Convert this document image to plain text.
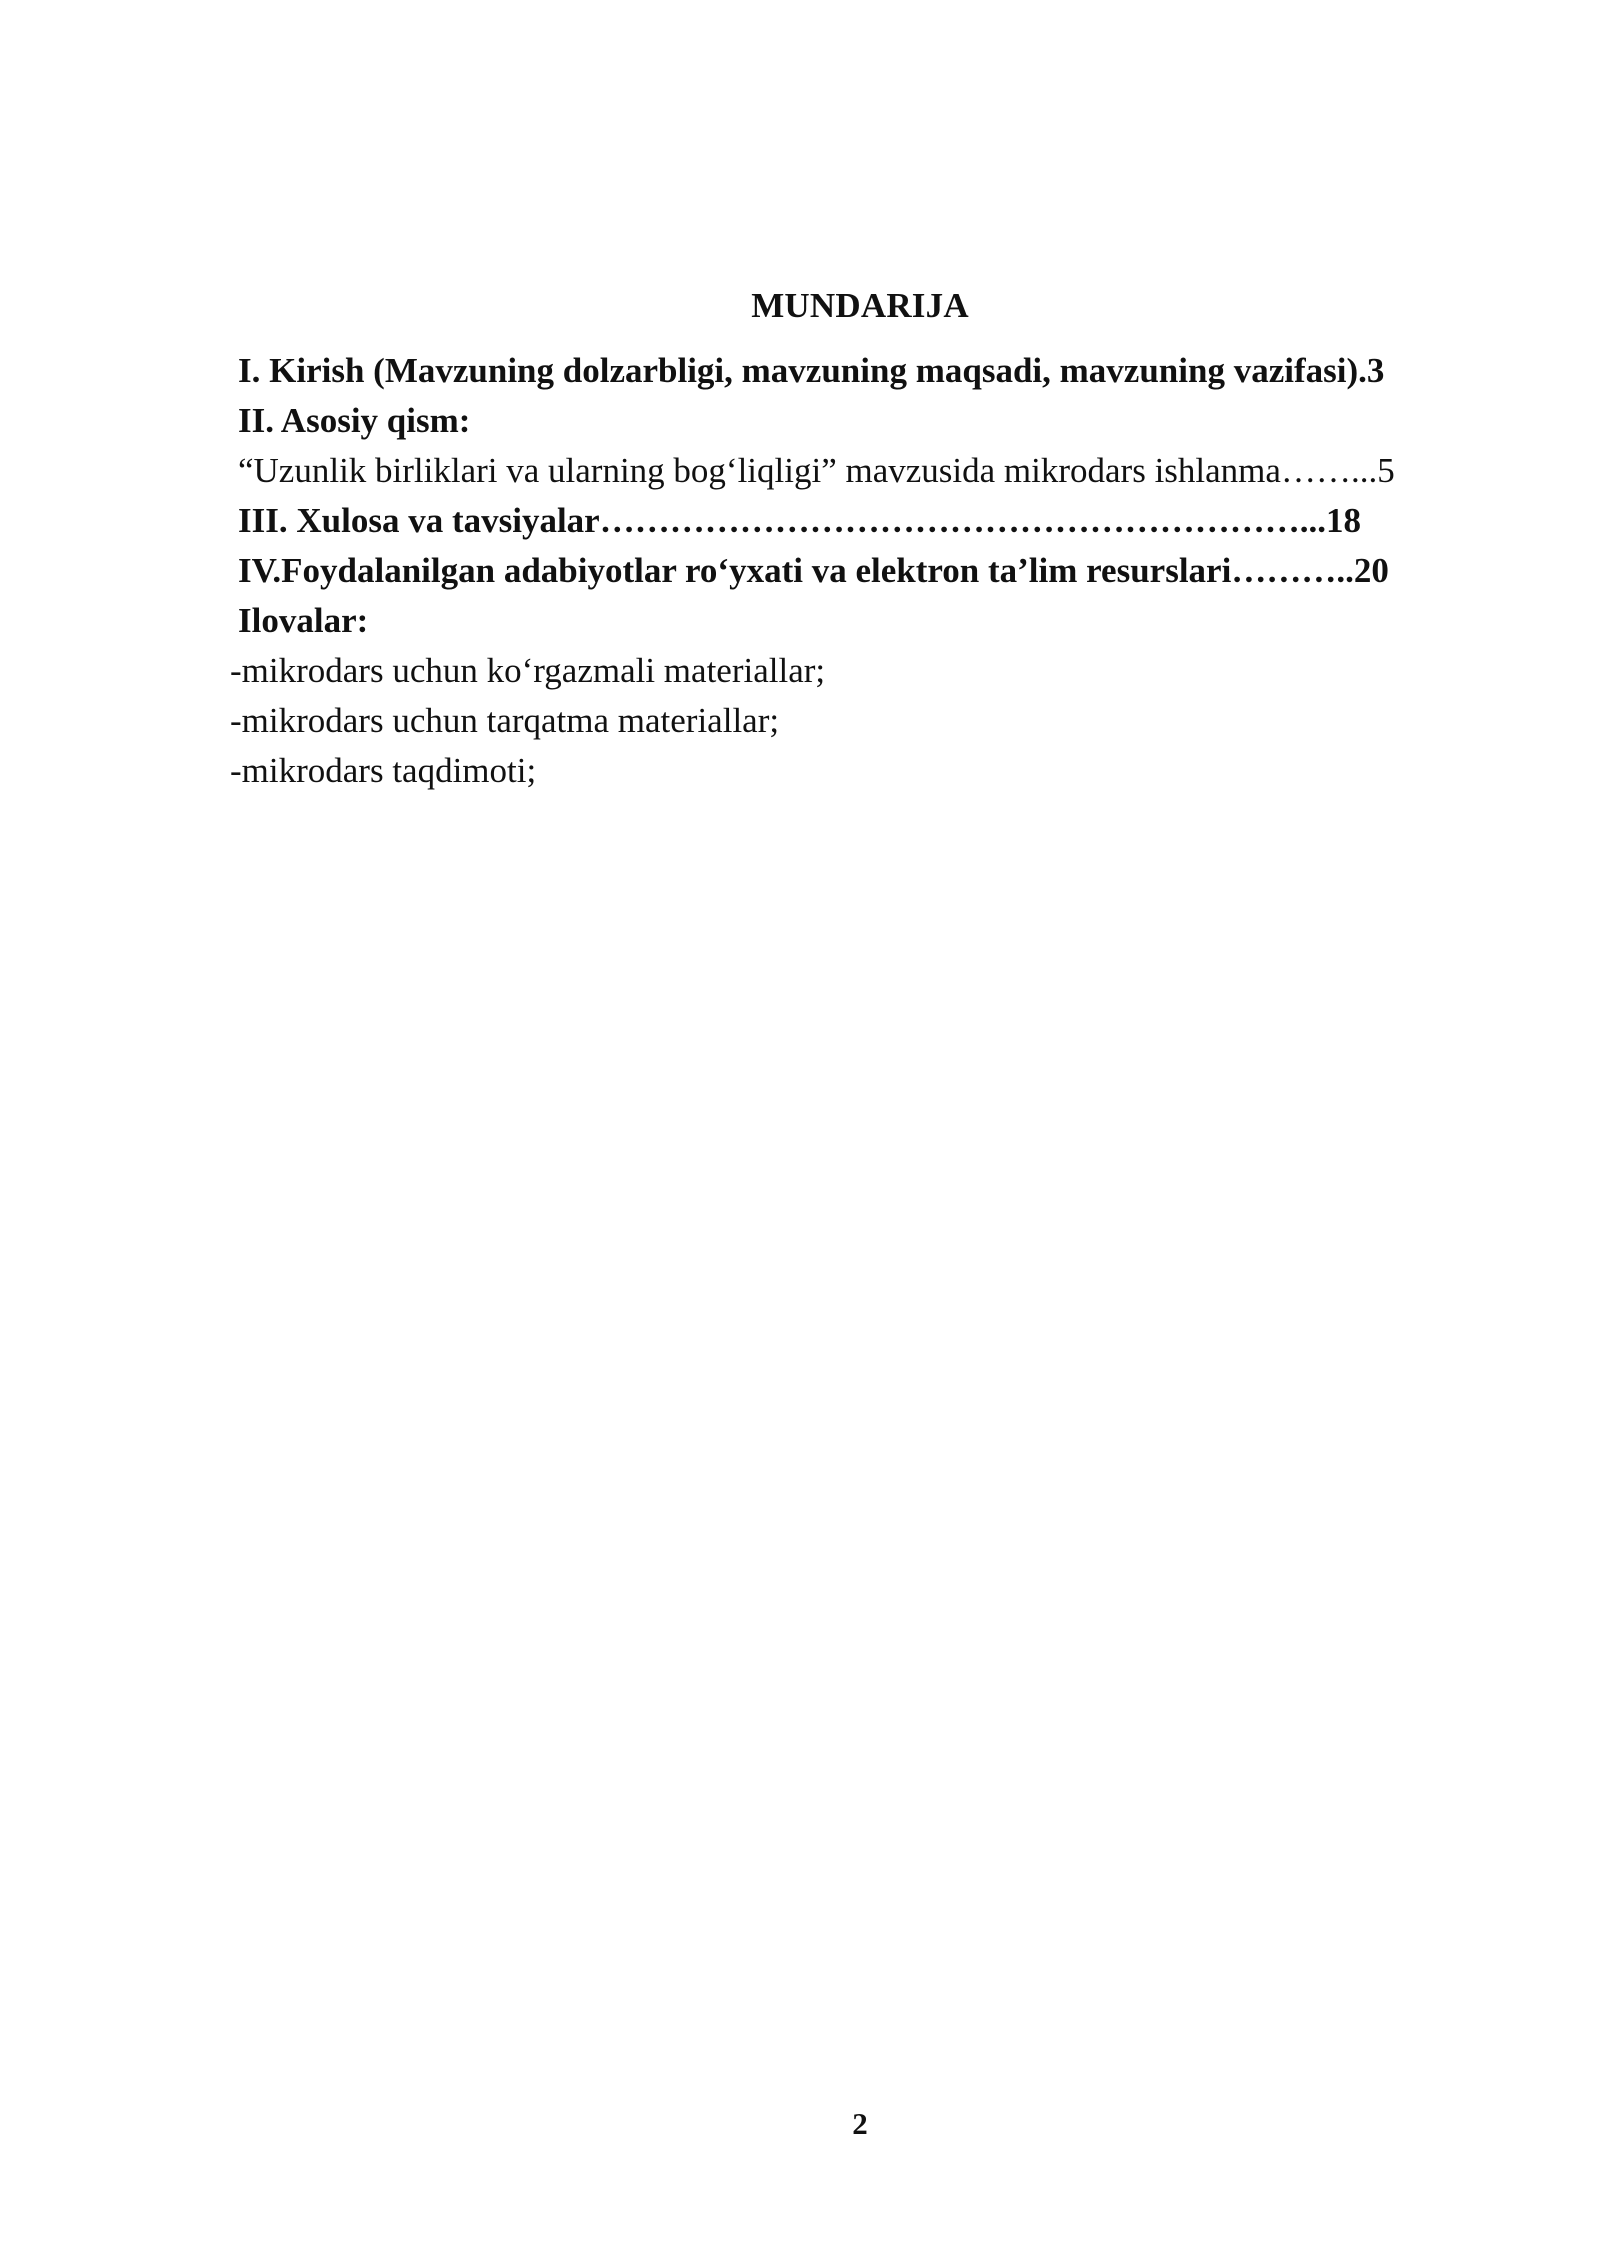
MUNDARIJA
I. Kirish (Mavzuning dolzarbligi, mavzuning maqsadi, mavzuning vazifasi).3
II. Asosiy qism:
“Uzunlik birliklari va ularning bog‘liqligi” mavzusida mikrodars ishlanma……...5
III. Xulosa va tavsiyalar……………………………………………………...18
IV.Foydalanilgan adabiyotlar ro‘yxati va elektron ta’lim resurslari………..20
Ilovalar:
-mikrodars uchun ko‘rgazmali materiallar;
-mikrodars uchun tarqatma materiallar;
-mikrodars taqdimoti;
2
